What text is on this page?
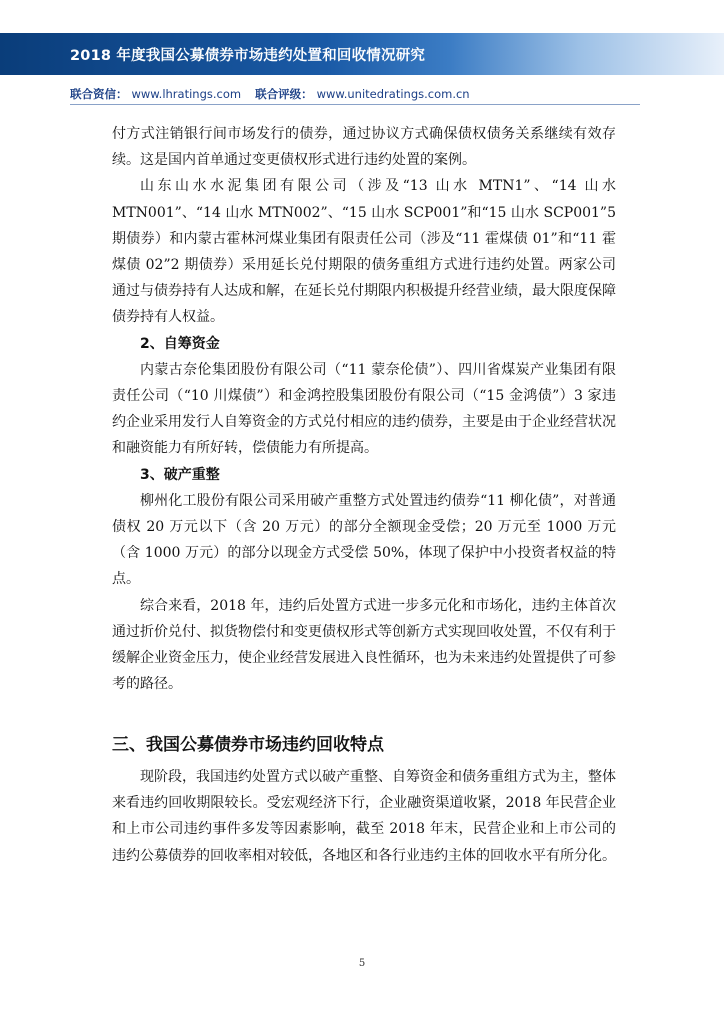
2018 年度我国公募债券市场违约处置和回收情况研究
联合资信： www.lhratings.com 联合评级： www.unitedratings.com.cn

付方式注销银行间市场发行的债券，通过协议方式确保债权债务关系继续有效存续。这是国内首单通过变更债权形式进行违约处置的案例。

山东山水水泥集团有限公司（涉及“13 山水 MTN1”、“14 山水 MTN001”、“14 山水 MTN002”、“15 山水 SCP001”和“15 山水 SCP001”5 期债券）和内蒙古霍林河煤业集团有限责任公司（涉及“11 霍煤债 01”和“11 霍煤债 02”2 期债券）采用延长兑付期限的债务重组方式进行违约处置。两家公司通过与债券持有人达成和解，在延长兑付期限内积极提升经营业绩，最大限度保障债券持有人权益。

2、自筹资金

内蒙古奈伦集团股份有限公司（“11 蒙奈伦债”）、四川省煤炭产业集团有限责任公司（“10 川煤债”）和金鸿控股集团股份有限公司（“15 金鸿债”）3 家违约企业采用发行人自筹资金的方式兑付相应的违约债券，主要是由于企业经营状况和融资能力有所好转，偿债能力有所提高。

3、破产重整

柳州化工股份有限公司采用破产重整方式处置违约债券“11 柳化债”，对普通债权 20 万元以下（含 20 万元）的部分全额现金受偿；20 万元至 1000 万元（含 1000 万元）的部分以现金方式受偿 50%，体现了保护中小投资者权益的特点。

综合来看，2018 年，违约后处置方式进一步多元化和市场化，违约主体首次通过折价兑付、拟货物偿付和变更债权形式等创新方式实现回收处置，不仅有利于缓解企业资金压力，使企业经营发展进入良性循环，也为未来违约处置提供了可参考的路径。

三、我国公募债券市场违约回收特点

现阶段，我国违约处置方式以破产重整、自筹资金和债务重组方式为主，整体来看违约回收期限较长。受宏观经济下行，企业融资渠道收紧，2018 年民营企业和上市公司违约事件多发等因素影响，截至 2018 年末，民营企业和上市公司的违约公募债券的回收率相对较低，各地区和各行业违约主体的回收水平有所分化。

5
